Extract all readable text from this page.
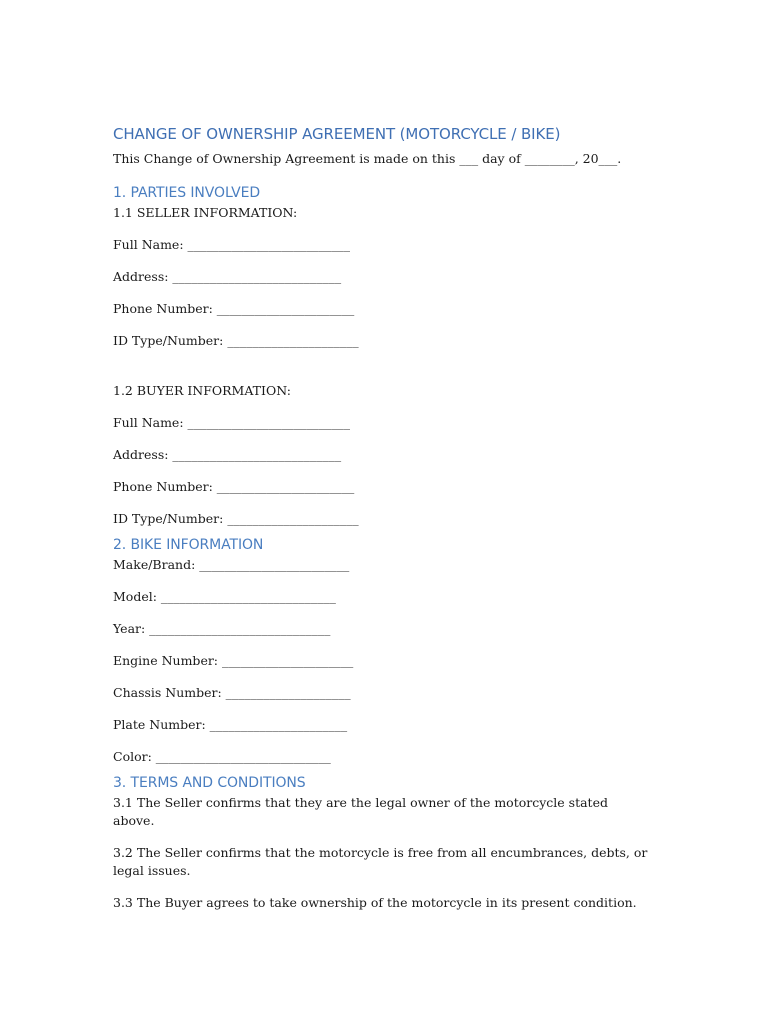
CHANGE OF OWNERSHIP AGREEMENT (MOTORCYCLE / BIKE)

This Change of Ownership Agreement is made on this ___ day of ________, 20___.

1. PARTIES INVOLVED

1.1 SELLER INFORMATION:

Full Name: __________________________

Address: ___________________________

Phone Number: ______________________

ID Type/Number: _____________________

1.2 BUYER INFORMATION:

Full Name: __________________________

Address: ___________________________

Phone Number: ______________________

ID Type/Number: _____________________

2. BIKE INFORMATION

Make/Brand: ________________________

Model: ____________________________

Year: _____________________________

Engine Number: _____________________

Chassis Number: ____________________

Plate Number: ______________________

Color: ____________________________

3. TERMS AND CONDITIONS

3.1 The Seller confirms that they are the legal owner of the motorcycle stated above.

3.2 The Seller confirms that the motorcycle is free from all encumbrances, debts, or legal issues.

3.3 The Buyer agrees to take ownership of the motorcycle in its present condition.
